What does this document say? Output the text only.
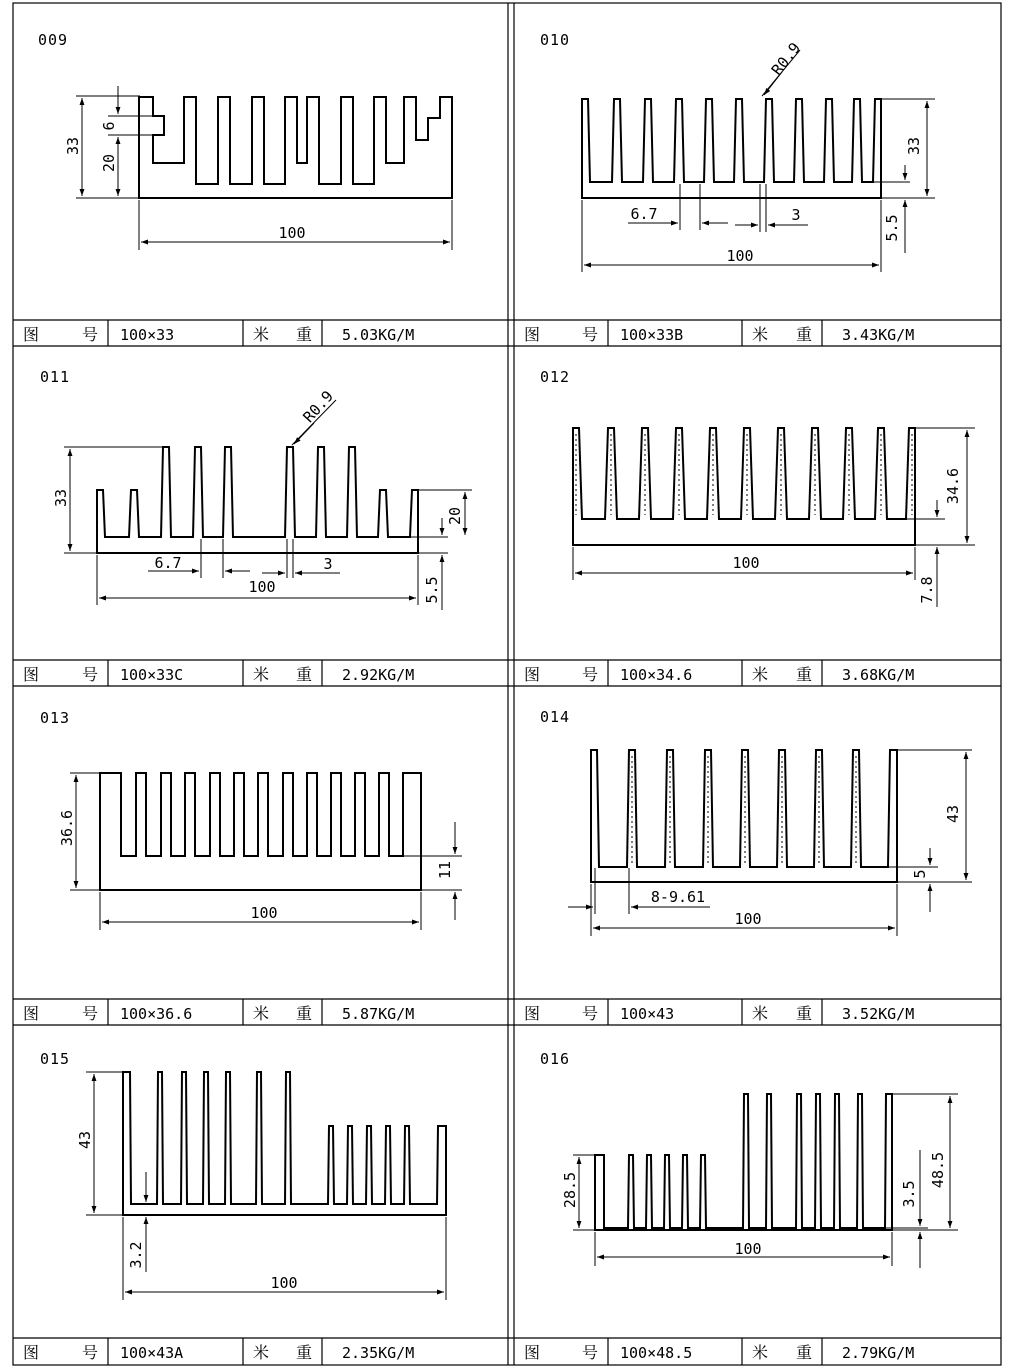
009
33
6
20
100
010	R0.9
33
5.5
6.7	3
100
011
R0.9
33
20
5.5
6.7	3
100
012
34.6
7.8
100
013
36.6
11
100
014
43
5
8-9.61
100
015
43
3.2
100
016
28.5
48.5
3.5
100
图 号 100×33	米 重 5.03KG/M	图 号 100×33B	米 重 3.43KG/M
图 号 100×33C	米 重 2.92KG/M	图 号 100×34.6	米 重 3.68KG/M
图 号 100×36.6	米 重 5.87KG/M	图 号 100×43	米 重 3.52KG/M
图 号 100×43A	米 重 2.35KG/M	图 号 100×48.5	米 重 2.79KG/M
